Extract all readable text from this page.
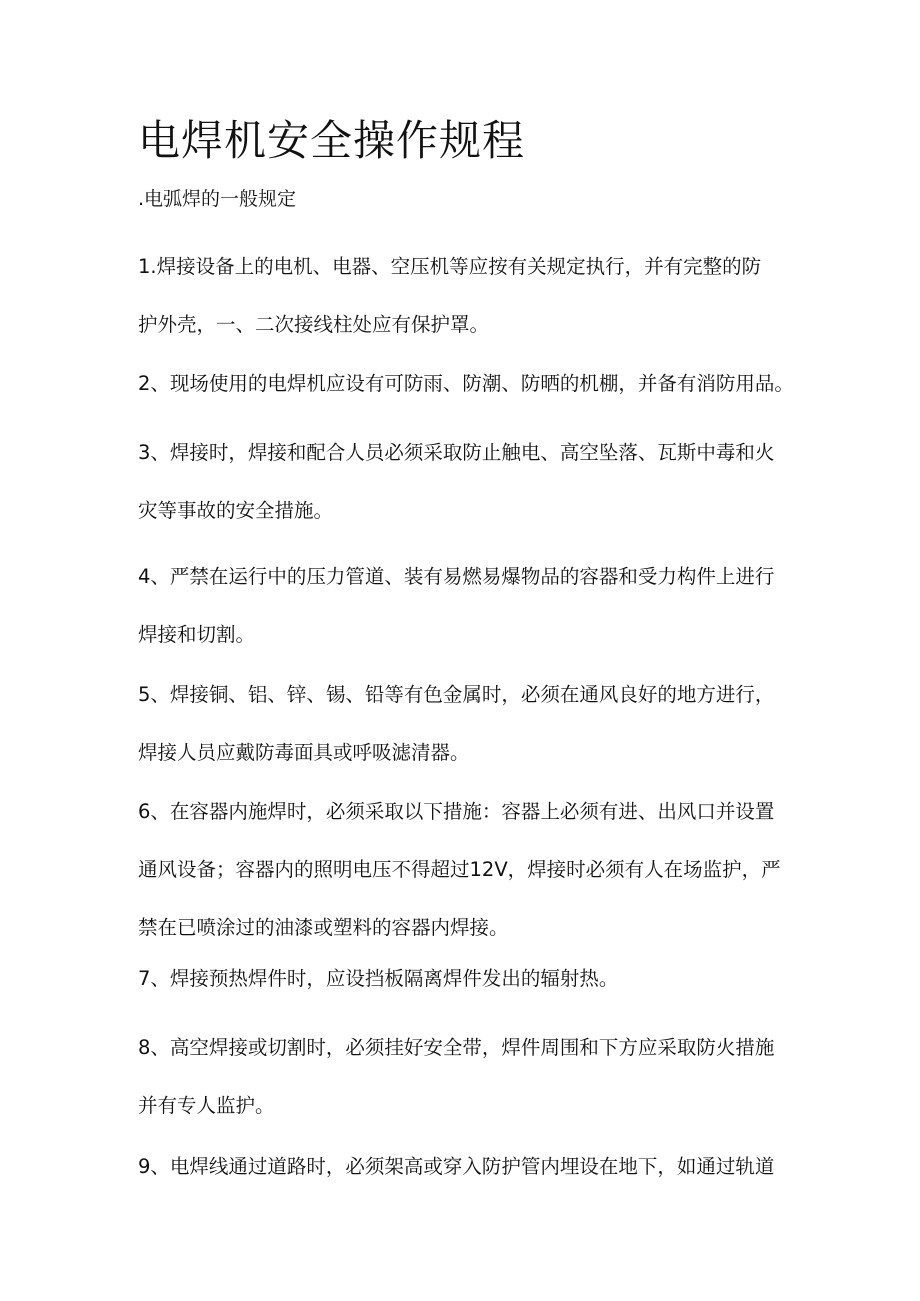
电焊机安全操作规程
.电弧焊的一般规定
1.焊接设备上的电机、电器、空压机等应按有关规定执行，并有完整的防
护外壳，一、二次接线柱处应有保护罩。
2、现场使用的电焊机应设有可防雨、防潮、防晒的机棚，并备有消防用品。
3、焊接时，焊接和配合人员必须采取防止触电、高空坠落、瓦斯中毒和火
灾等事故的安全措施。
4、严禁在运行中的压力管道、装有易燃易爆物品的容器和受力构件上进行
焊接和切割。
5、焊接铜、铝、锌、锡、铅等有色金属时，必须在通风良好的地方进行，
焊接人员应戴防毒面具或呼吸滤清器。
6、在容器内施焊时，必须采取以下措施：容器上必须有进、出风口并设置
通风设备；容器内的照明电压不得超过12V，焊接时必须有人在场监护，严
禁在已喷涂过的油漆或塑料的容器内焊接。
7、焊接预热焊件时，应设挡板隔离焊件发出的辐射热。
8、高空焊接或切割时，必须挂好安全带，焊件周围和下方应采取防火措施
并有专人监护。
9、电焊线通过道路时，必须架高或穿入防护管内埋设在地下，如通过轨道
